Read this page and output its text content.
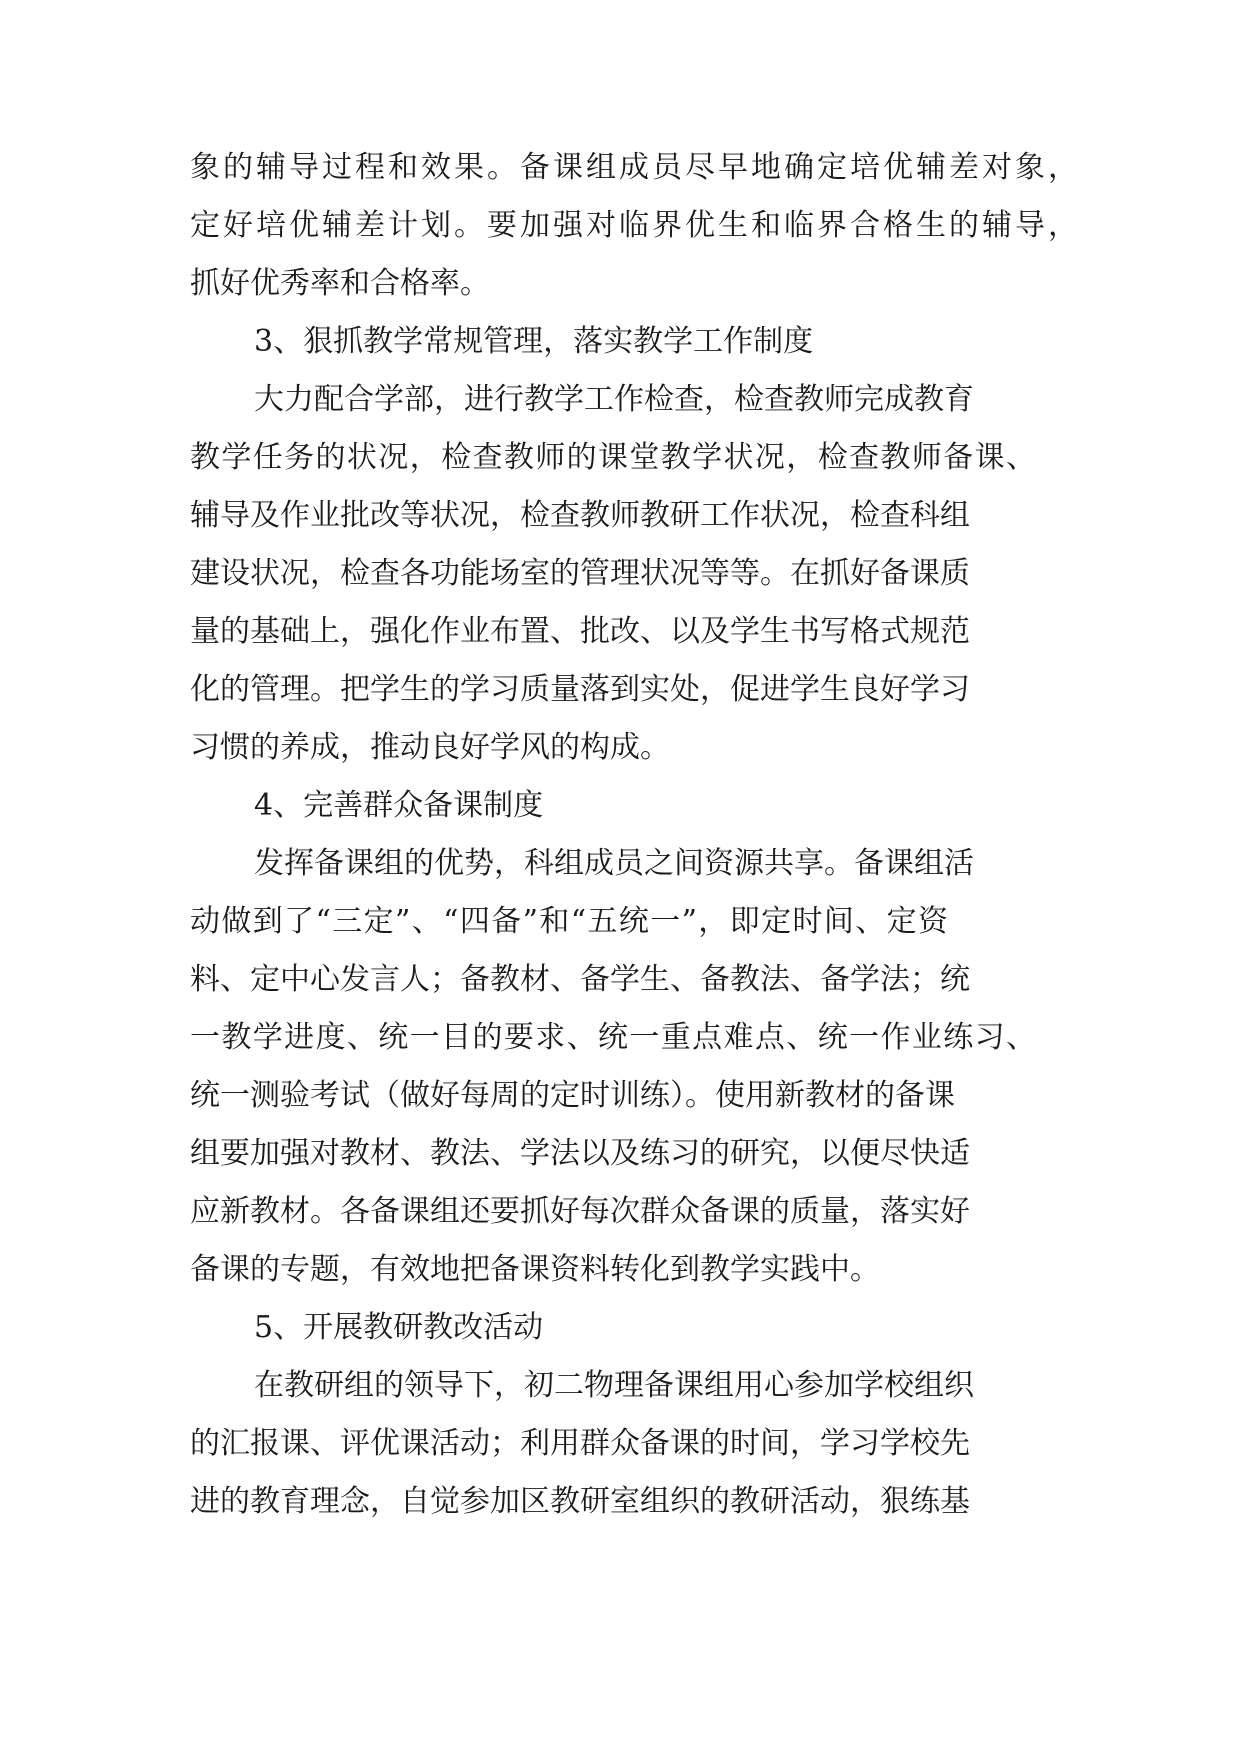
象的辅导过程和效果。备课组成员尽早地确定培优辅差对象，
定好培优辅差计划。要加强对临界优生和临界合格生的辅导，
抓好优秀率和合格率。
3、狠抓教学常规管理，落实教学工作制度
大力配合学部，进行教学工作检查，检查教师完成教育
教学任务的状况，检查教师的课堂教学状况，检查教师备课、
辅导及作业批改等状况，检查教师教研工作状况，检查科组
建设状况，检查各功能场室的管理状况等等。在抓好备课质
量的基础上，强化作业布置、批改、以及学生书写格式规范
化的管理。把学生的学习质量落到实处，促进学生良好学习
习惯的养成，推动良好学风的构成。
4、完善群众备课制度
发挥备课组的优势，科组成员之间资源共享。备课组活
动做到了“三定”、“四备”和“五统一”，即定时间、定资
料、定中心发言人；备教材、备学生、备教法、备学法；统
一教学进度、统一目的要求、统一重点难点、统一作业练习、
统一测验考试（做好每周的定时训练）。使用新教材的备课
组要加强对教材、教法、学法以及练习的研究，以便尽快适
应新教材。各备课组还要抓好每次群众备课的质量，落实好
备课的专题，有效地把备课资料转化到教学实践中。
5、开展教研教改活动
在教研组的领导下，初二物理备课组用心参加学校组织
的汇报课、评优课活动；利用群众备课的时间，学习学校先
进的教育理念，自觉参加区教研室组织的教研活动，狠练基
